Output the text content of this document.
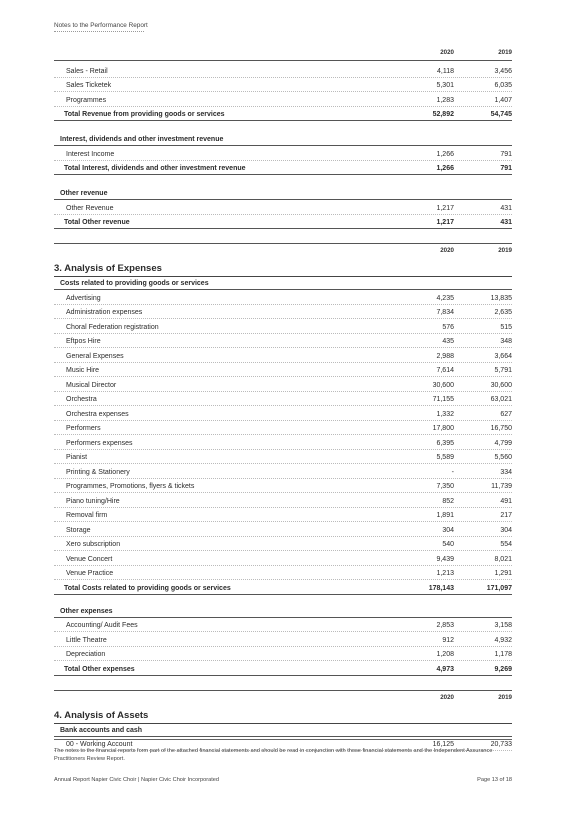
Notes to the Performance Report
2020	2019
Sales - Retail	4,118	3,456
Sales Ticketek	5,301	6,035
Programmes	1,283	1,407
Total Revenue from providing goods or services	52,892	54,745
Interest, dividends and other investment revenue
Interest Income	1,266	791
Total Interest, dividends and other investment revenue	1,266	791
Other revenue
Other Revenue	1,217	431
Total Other revenue	1,217	431
2020	2019
3. Analysis of Expenses
Costs related to providing goods or services
Advertising	4,235	13,835
Administration expenses	7,834	2,635
Choral Federation registration	576	515
Eftpos Hire	435	348
General Expenses	2,988	3,664
Music Hire	7,614	5,791
Musical Director	30,600	30,600
Orchestra	71,155	63,021
Orchestra expenses	1,332	627
Performers	17,800	16,750
Performers expenses	6,395	4,799
Pianist	5,589	5,560
Printing & Stationery	-	334
Programmes, Promotions, flyers & tickets	7,350	11,739
Piano tuning/Hire	852	491
Removal firm	1,891	217
Storage	304	304
Xero subscription	540	554
Venue Concert	9,439	8,021
Venue Practice	1,213	1,291
Total Costs related to providing goods or services	178,143	171,097
Other expenses
Accounting/ Audit Fees	2,853	3,158
Little Theatre	912	4,932
Depreciation	1,208	1,178
Total Other expenses	4,973	9,269
2020	2019
4. Analysis of Assets
Bank accounts and cash
00 - Working Account	16,125	20,733
The notes to the financial reports form part of the attached financial statements and should be read in conjunction with those financial statements and the Independent Assurance Practitioners Review Report.
Annual Report Napier Civic Choir | Napier Civic Choir Incorporated	Page 13 of 18
